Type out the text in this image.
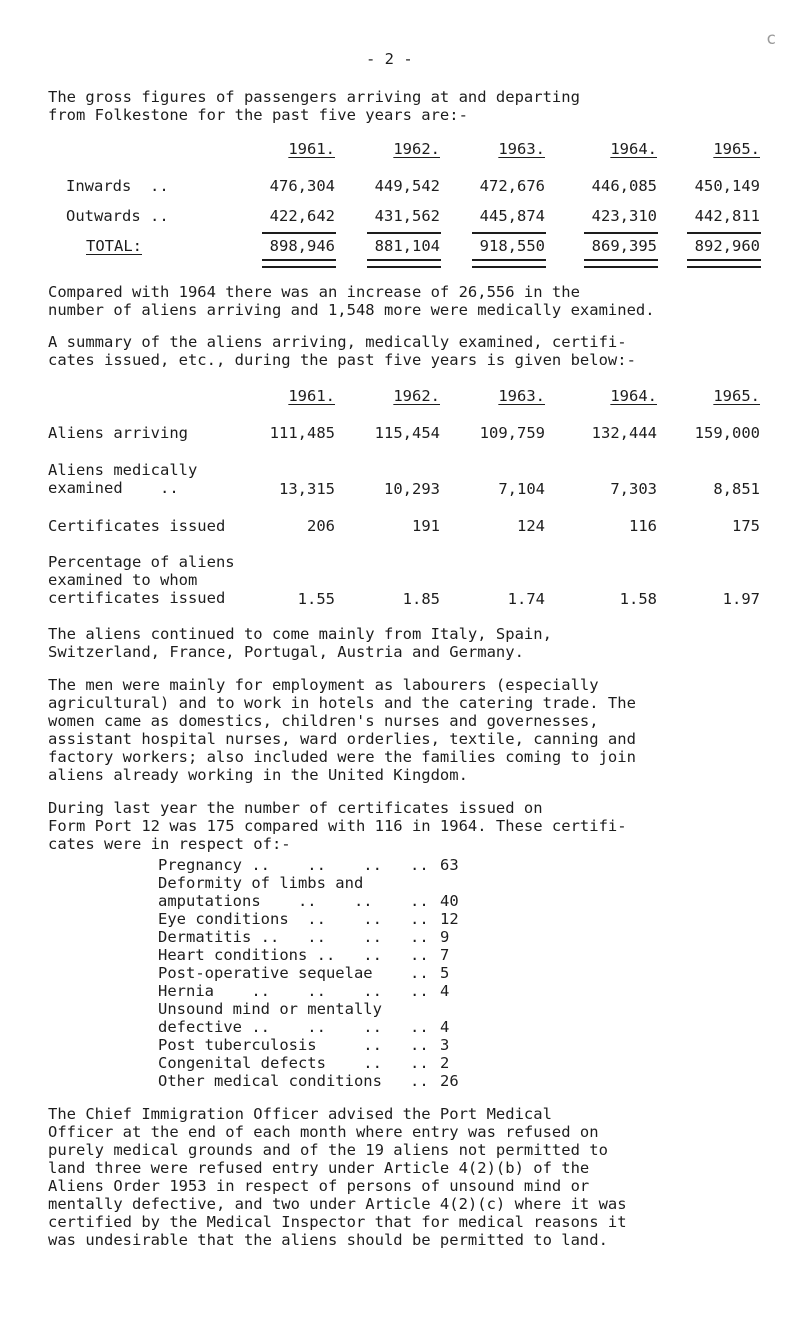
- 2 -
c
The gross figures of passengers arriving at and departing
from Folkestone for the past five years are:-
1961.	1962.	1963.	1964.	1965.
Inwards  ..	476,304	449,542	472,676	446,085	450,149
Outwards ..	422,642	431,562	445,874	423,310	442,811
TOTAL:	898,946	881,104	918,550	869,395	892,960
Compared with 1964 there was an increase of 26,556 in the
number of aliens arriving and 1,548 more were medically examined.
A summary of the aliens arriving, medically examined, certifi-
cates issued, etc., during the past five years is given below:-
1961.	1962.	1963.	1964.	1965.
Aliens arriving	111,485	115,454	109,759	132,444	159,000
Aliens medically
examined    ..	13,315	10,293	7,104	7,303	8,851
Certificates issued	206	191	124	116	175
Percentage of aliens
examined to whom
certificates issued	1.55	1.85	1.74	1.58	1.97
The aliens continued to come mainly from Italy, Spain,
Switzerland, France, Portugal, Austria and Germany.
The men were mainly for employment as labourers (especially
agricultural) and to work in hotels and the catering trade. The
women came as domestics, children's nurses and governesses,
assistant hospital nurses, ward orderlies, textile, canning and
factory workers; also included were the families coming to join
aliens already working in the United Kingdom.
During last year the number of certificates issued on
Form Port 12 was 175 compared with 116 in 1964. These certifi-
cates were in respect of:-
Pregnancy ..    ..    .. .. 63
Deformity of limbs and
amputations    ..    .. .. 40
Eye conditions  ..    .. .. 12
Dermatitis ..   ..    .. .. 9
Heart conditions ..   .. .. 7
Post-operative sequelae .. 5
Hernia    ..    ..    .. .. 4
Unsound mind or mentally
defective ..    ..    .. .. 4
Post tuberculosis     .. .. 3
Congenital defects    .. .. 2
Other medical conditions .. 26
The Chief Immigration Officer advised the Port Medical
Officer at the end of each month where entry was refused on
purely medical grounds and of the 19 aliens not permitted to
land three were refused entry under Article 4(2)(b) of the
Aliens Order 1953 in respect of persons of unsound mind or
mentally defective, and two under Article 4(2)(c) where it was
certified by the Medical Inspector that for medical reasons it
was undesirable that the aliens should be permitted to land.
